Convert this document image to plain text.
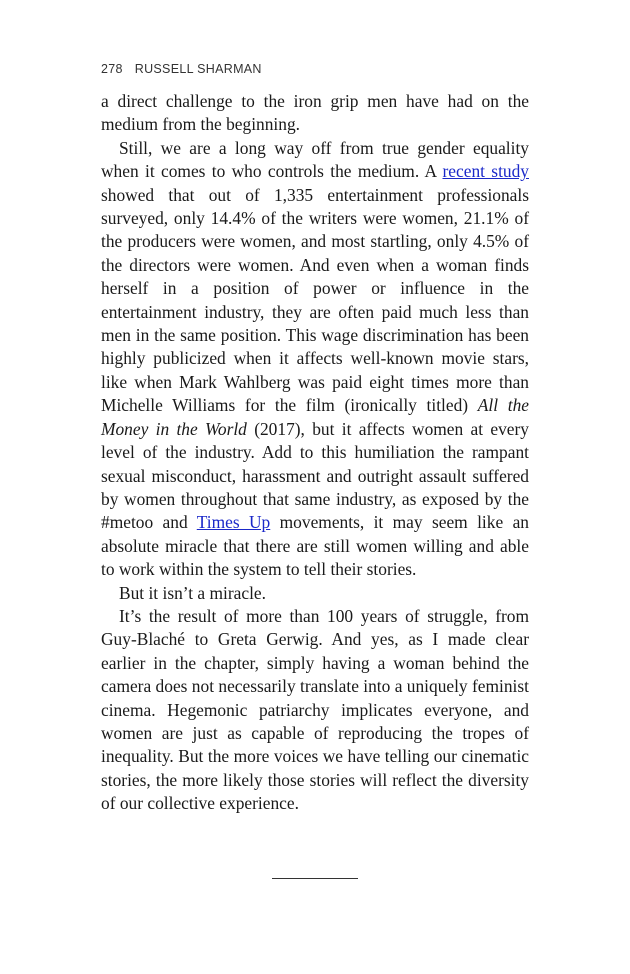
278 RUSSELL SHARMAN

a direct challenge to the iron grip men have had on the medium from the beginning.

Still, we are a long way off from true gender equality when it comes to who controls the medium. A recent study showed that out of 1,335 entertainment professionals surveyed, only 14.4% of the writers were women, 21.1% of the producers were women, and most startling, only 4.5% of the directors were women. And even when a woman finds herself in a position of power or influence in the entertainment industry, they are often paid much less than men in the same position. This wage discrimination has been highly publicized when it affects well-known movie stars, like when Mark Wahlberg was paid eight times more than Michelle Williams for the film (ironically titled) All the Money in the World (2017), but it affects women at every level of the industry. Add to this humiliation the rampant sexual misconduct, harassment and outright assault suffered by women throughout that same industry, as exposed by the #metoo and Times Up movements, it may seem like an absolute miracle that there are still women willing and able to work within the system to tell their stories.

But it isn’t a miracle.

It’s the result of more than 100 years of struggle, from Guy-Blaché to Greta Gerwig. And yes, as I made clear earlier in the chapter, simply having a woman behind the camera does not necessarily translate into a uniquely feminist cinema. Hegemonic patriarchy implicates everyone, and women are just as capable of reproducing the tropes of inequality. But the more voices we have telling our cinematic stories, the more likely those stories will reflect the diversity of our collective experience.
